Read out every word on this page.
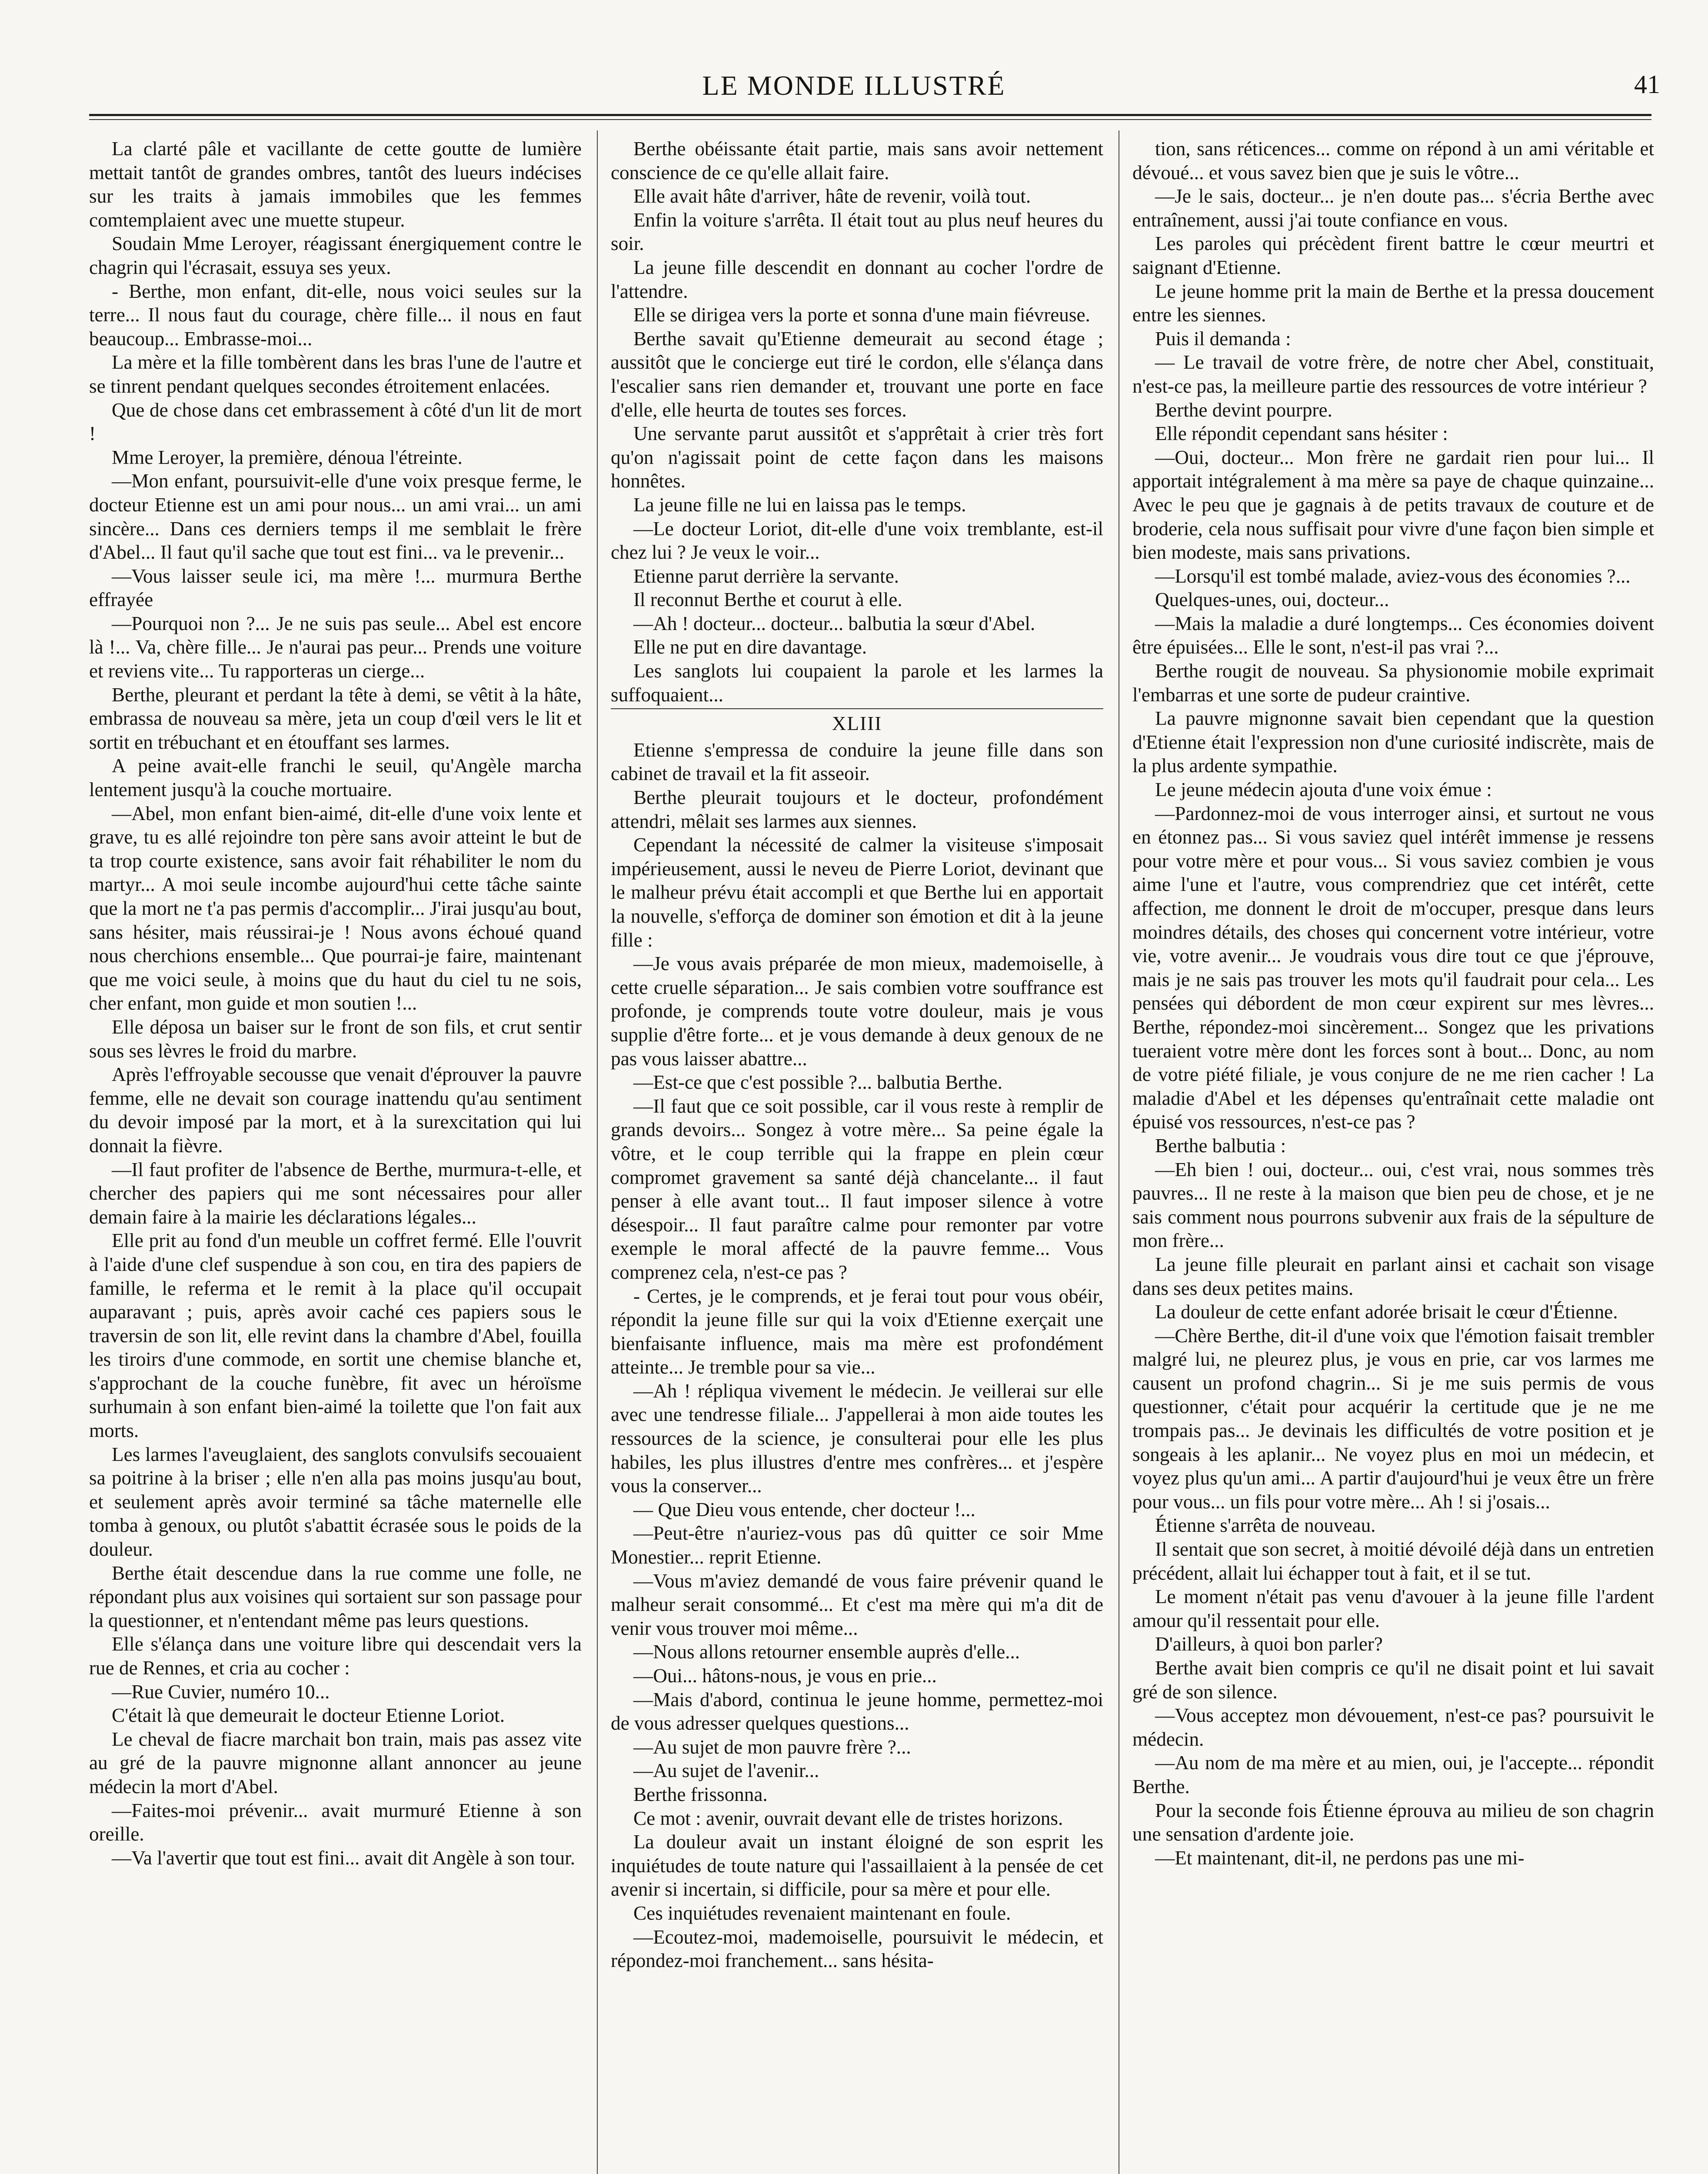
LE MONDE ILLUSTRÉ	41

La clarté pâle et vacillante de cette goutte de lumière mettait tantôt de grandes ombres, tantôt des lueurs indécises sur les traits à jamais immobiles que les femmes comtemplaient avec une muette stupeur.

Soudain Mme Leroyer, réagissant énergiquement contre le chagrin qui l'écrasait, essuya ses yeux.

- Berthe, mon enfant, dit-elle, nous voici seules sur la terre... Il nous faut du courage, chère fille... il nous en faut beaucoup... Embrasse-moi...

La mère et la fille tombèrent dans les bras l'une de l'autre et se tinrent pendant quelques secondes étroitement enlacées.

Que de chose dans cet embrassement à côté d'un lit de mort !

Mme Leroyer, la première, dénoua l'étreinte.

—Mon enfant, poursuivit-elle d'une voix presque ferme, le docteur Etienne est un ami pour nous... un ami vrai... un ami sincère... Dans ces derniers temps il me semblait le frère d'Abel... Il faut qu'il sache que tout est fini... va le prevenir...

—Vous laisser seule ici, ma mère !... murmura Berthe effrayée

—Pourquoi non ?... Je ne suis pas seule... Abel est encore là !... Va, chère fille... Je n'aurai pas peur... Prends une voiture et reviens vite... Tu rapporteras un cierge...

Berthe, pleurant et perdant la tête à demi, se vêtit à la hâte, embrassa de nouveau sa mère, jeta un coup d'œil vers le lit et sortit en trébuchant et en étouffant ses larmes.

A peine avait-elle franchi le seuil, qu'Angèle marcha lentement jusqu'à la couche mortuaire.

—Abel, mon enfant bien-aimé, dit-elle d'une voix lente et grave, tu es allé rejoindre ton père sans avoir atteint le but de ta trop courte existence, sans avoir fait réhabiliter le nom du martyr... A moi seule incombe aujourd'hui cette tâche sainte que la mort ne t'a pas permis d'accomplir... J'irai jusqu'au bout, sans hésiter, mais réussirai-je ! Nous avons échoué quand nous cherchions ensemble... Que pourrai-je faire, maintenant que me voici seule, à moins que du haut du ciel tu ne sois, cher enfant, mon guide et mon soutien !...

Elle déposa un baiser sur le front de son fils, et crut sentir sous ses lèvres le froid du marbre.

Après l'effroyable secousse que venait d'éprouver la pauvre femme, elle ne devait son courage inattendu qu'au sentiment du devoir imposé par la mort, et à la surexcitation qui lui donnait la fièvre.

—Il faut profiter de l'absence de Berthe, murmura-t-elle, et chercher des papiers qui me sont nécessaires pour aller demain faire à la mairie les déclarations légales...

Elle prit au fond d'un meuble un coffret fermé. Elle l'ouvrit à l'aide d'une clef suspendue à son cou, en tira des papiers de famille, le referma et le remit à la place qu'il occupait auparavant ; puis, après avoir caché ces papiers sous le traversin de son lit, elle revint dans la chambre d'Abel, fouilla les tiroirs d'une commode, en sortit une chemise blanche et, s'approchant de la couche funèbre, fit avec un héroïsme surhumain à son enfant bien-aimé la toilette que l'on fait aux morts.

Les larmes l'aveuglaient, des sanglots convulsifs secouaient sa poitrine à la briser ; elle n'en alla pas moins jusqu'au bout, et seulement après avoir terminé sa tâche maternelle elle tomba à genoux, ou plutôt s'abattit écrasée sous le poids de la douleur.

Berthe était descendue dans la rue comme une folle, ne répondant plus aux voisines qui sortaient sur son passage pour la questionner, et n'entendant même pas leurs questions.

Elle s'élança dans une voiture libre qui descendait vers la rue de Rennes, et cria au cocher :

—Rue Cuvier, numéro 10...

C'était là que demeurait le docteur Etienne Loriot.

Le cheval de fiacre marchait bon train, mais pas assez vite au gré de la pauvre mignonne allant annoncer au jeune médecin la mort d'Abel.

—Faites-moi prévenir... avait murmuré Etienne à son oreille.

—Va l'avertir que tout est fini... avait dit Angèle à son tour.

Berthe obéissante était partie, mais sans avoir nettement conscience de ce qu'elle allait faire.

Elle avait hâte d'arriver, hâte de revenir, voilà tout.

Enfin la voiture s'arrêta. Il était tout au plus neuf heures du soir.

La jeune fille descendit en donnant au cocher l'ordre de l'attendre.

Elle se dirigea vers la porte et sonna d'une main fiévreuse.

Berthe savait qu'Etienne demeurait au second étage ; aussitôt que le concierge eut tiré le cordon, elle s'élança dans l'escalier sans rien demander et, trouvant une porte en face d'elle, elle heurta de toutes ses forces.

Une servante parut aussitôt et s'apprêtait à crier très fort qu'on n'agissait point de cette façon dans les maisons honnêtes.

La jeune fille ne lui en laissa pas le temps.

—Le docteur Loriot, dit-elle d'une voix tremblante, est-il chez lui ? Je veux le voir...

Etienne parut derrière la servante.

Il reconnut Berthe et courut à elle.

—Ah ! docteur... docteur... balbutia la sœur d'Abel.

Elle ne put en dire davantage.

Les sanglots lui coupaient la parole et les larmes la suffoquaient...

XLIII

Etienne s'empressa de conduire la jeune fille dans son cabinet de travail et la fit asseoir.

Berthe pleurait toujours et le docteur, profondément attendri, mêlait ses larmes aux siennes.

Cependant la nécessité de calmer la visiteuse s'imposait impérieusement, aussi le neveu de Pierre Loriot, devinant que le malheur prévu était accompli et que Berthe lui en apportait la nouvelle, s'efforça de dominer son émotion et dit à la jeune fille :

—Je vous avais préparée de mon mieux, mademoiselle, à cette cruelle séparation... Je sais combien votre souffrance est profonde, je comprends toute votre douleur, mais je vous supplie d'être forte... et je vous demande à deux genoux de ne pas vous laisser abattre...

—Est-ce que c'est possible ?... balbutia Berthe.

—Il faut que ce soit possible, car il vous reste à remplir de grands devoirs... Songez à votre mère... Sa peine égale la vôtre, et le coup terrible qui la frappe en plein cœur compromet gravement sa santé déjà chancelante... il faut penser à elle avant tout... Il faut imposer silence à votre désespoir... Il faut paraître calme pour remonter par votre exemple le moral affecté de la pauvre femme... Vous comprenez cela, n'est-ce pas ?

- Certes, je le comprends, et je ferai tout pour vous obéir, répondit la jeune fille sur qui la voix d'Etienne exerçait une bienfaisante influence, mais ma mère est profondément atteinte... Je tremble pour sa vie...

—Ah ! répliqua vivement le médecin. Je veillerai sur elle avec une tendresse filiale... J'appellerai à mon aide toutes les ressources de la science, je consulterai pour elle les plus habiles, les plus illustres d'entre mes confrères... et j'espère vous la conserver...

— Que Dieu vous entende, cher docteur !...

—Peut-être n'auriez-vous pas dû quitter ce soir Mme Monestier... reprit Etienne.

—Vous m'aviez demandé de vous faire prévenir quand le malheur serait consommé... Et c'est ma mère qui m'a dit de venir vous trouver moi même...

—Nous allons retourner ensemble auprès d'elle...

—Oui... hâtons-nous, je vous en prie...

—Mais d'abord, continua le jeune homme, permettez-moi de vous adresser quelques questions...

—Au sujet de mon pauvre frère ?...

—Au sujet de l'avenir...

Berthe frissonna.

Ce mot : avenir, ouvrait devant elle de tristes horizons.

La douleur avait un instant éloigné de son esprit les inquiétudes de toute nature qui l'assaillaient à la pensée de cet avenir si incertain, si difficile, pour sa mère et pour elle.

Ces inquiétudes revenaient maintenant en foule.

—Ecoutez-moi, mademoiselle, poursuivit le médecin, et répondez-moi franchement... sans hésita-

tion, sans réticences... comme on répond à un ami véritable et dévoué... et vous savez bien que je suis le vôtre...

—Je le sais, docteur... je n'en doute pas... s'écria Berthe avec entraînement, aussi j'ai toute confiance en vous.

Les paroles qui précèdent firent battre le cœur meurtri et saignant d'Etienne.

Le jeune homme prit la main de Berthe et la pressa doucement entre les siennes.

Puis il demanda :

— Le travail de votre frère, de notre cher Abel, constituait, n'est-ce pas, la meilleure partie des ressources de votre intérieur ?

Berthe devint pourpre.

Elle répondit cependant sans hésiter :

—Oui, docteur... Mon frère ne gardait rien pour lui... Il apportait intégralement à ma mère sa paye de chaque quinzaine... Avec le peu que je gagnais à de petits travaux de couture et de broderie, cela nous suffisait pour vivre d'une façon bien simple et bien modeste, mais sans privations.

—Lorsqu'il est tombé malade, aviez-vous des économies ?...

Quelques-unes, oui, docteur...

—Mais la maladie a duré longtemps... Ces économies doivent être épuisées... Elle le sont, n'est-il pas vrai ?...

Berthe rougit de nouveau. Sa physionomie mobile exprimait l'embarras et une sorte de pudeur craintive.

La pauvre mignonne savait bien cependant que la question d'Etienne était l'expression non d'une curiosité indiscrète, mais de la plus ardente sympathie.

Le jeune médecin ajouta d'une voix émue :

—Pardonnez-moi de vous interroger ainsi, et surtout ne vous en étonnez pas... Si vous saviez quel intérêt immense je ressens pour votre mère et pour vous... Si vous saviez combien je vous aime l'une et l'autre, vous comprendriez que cet intérêt, cette affection, me donnent le droit de m'occuper, presque dans leurs moindres détails, des choses qui concernent votre intérieur, votre vie, votre avenir... Je voudrais vous dire tout ce que j'éprouve, mais je ne sais pas trouver les mots qu'il faudrait pour cela... Les pensées qui débordent de mon cœur expirent sur mes lèvres... Berthe, répondez-moi sincèrement... Songez que les privations tueraient votre mère dont les forces sont à bout... Donc, au nom de votre piété filiale, je vous conjure de ne me rien cacher ! La maladie d'Abel et les dépenses qu'entraînait cette maladie ont épuisé vos ressources, n'est-ce pas ?

Berthe balbutia :

—Eh bien ! oui, docteur... oui, c'est vrai, nous sommes très pauvres... Il ne reste à la maison que bien peu de chose, et je ne sais comment nous pourrons subvenir aux frais de la sépulture de mon frère...

La jeune fille pleurait en parlant ainsi et cachait son visage dans ses deux petites mains.

La douleur de cette enfant adorée brisait le cœur d'Étienne.

—Chère Berthe, dit-il d'une voix que l'émotion faisait trembler malgré lui, ne pleurez plus, je vous en prie, car vos larmes me causent un profond chagrin... Si je me suis permis de vous questionner, c'était pour acquérir la certitude que je ne me trompais pas... Je devinais les difficultés de votre position et je songeais à les aplanir... Ne voyez plus en moi un médecin, et voyez plus qu'un ami... A partir d'aujourd'hui je veux être un frère pour vous... un fils pour votre mère... Ah ! si j'osais...

Étienne s'arrêta de nouveau.

Il sentait que son secret, à moitié dévoilé déjà dans un entretien précédent, allait lui échapper tout à fait, et il se tut.

Le moment n'était pas venu d'avouer à la jeune fille l'ardent amour qu'il ressentait pour elle.

D'ailleurs, à quoi bon parler?

Berthe avait bien compris ce qu'il ne disait point et lui savait gré de son silence.

—Vous acceptez mon dévouement, n'est-ce pas? poursuivit le médecin.

—Au nom de ma mère et au mien, oui, je l'accepte... répondit Berthe.

Pour la seconde fois Étienne éprouva au milieu de son chagrin une sensation d'ardente joie.

—Et maintenant, dit-il, ne perdons pas une mi-
